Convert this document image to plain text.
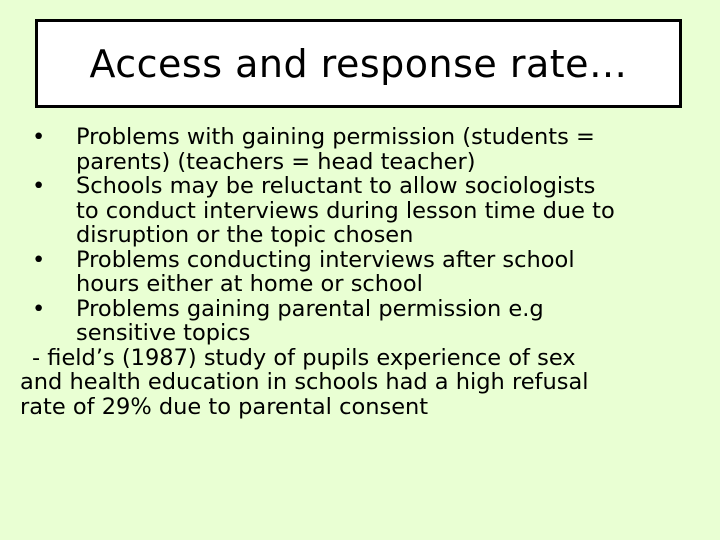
Access and response rate…
• Problems with gaining permission (students =
parents) (teachers = head teacher)
• Schools may be reluctant to allow sociologists
to conduct interviews during lesson time due to
disruption or the topic chosen
• Problems conducting interviews after school
hours either at home or school
• Problems gaining parental permission e.g
sensitive topics
- field’s (1987) study of pupils experience of sex
and health education in schools had a high refusal
rate of 29% due to parental consent
